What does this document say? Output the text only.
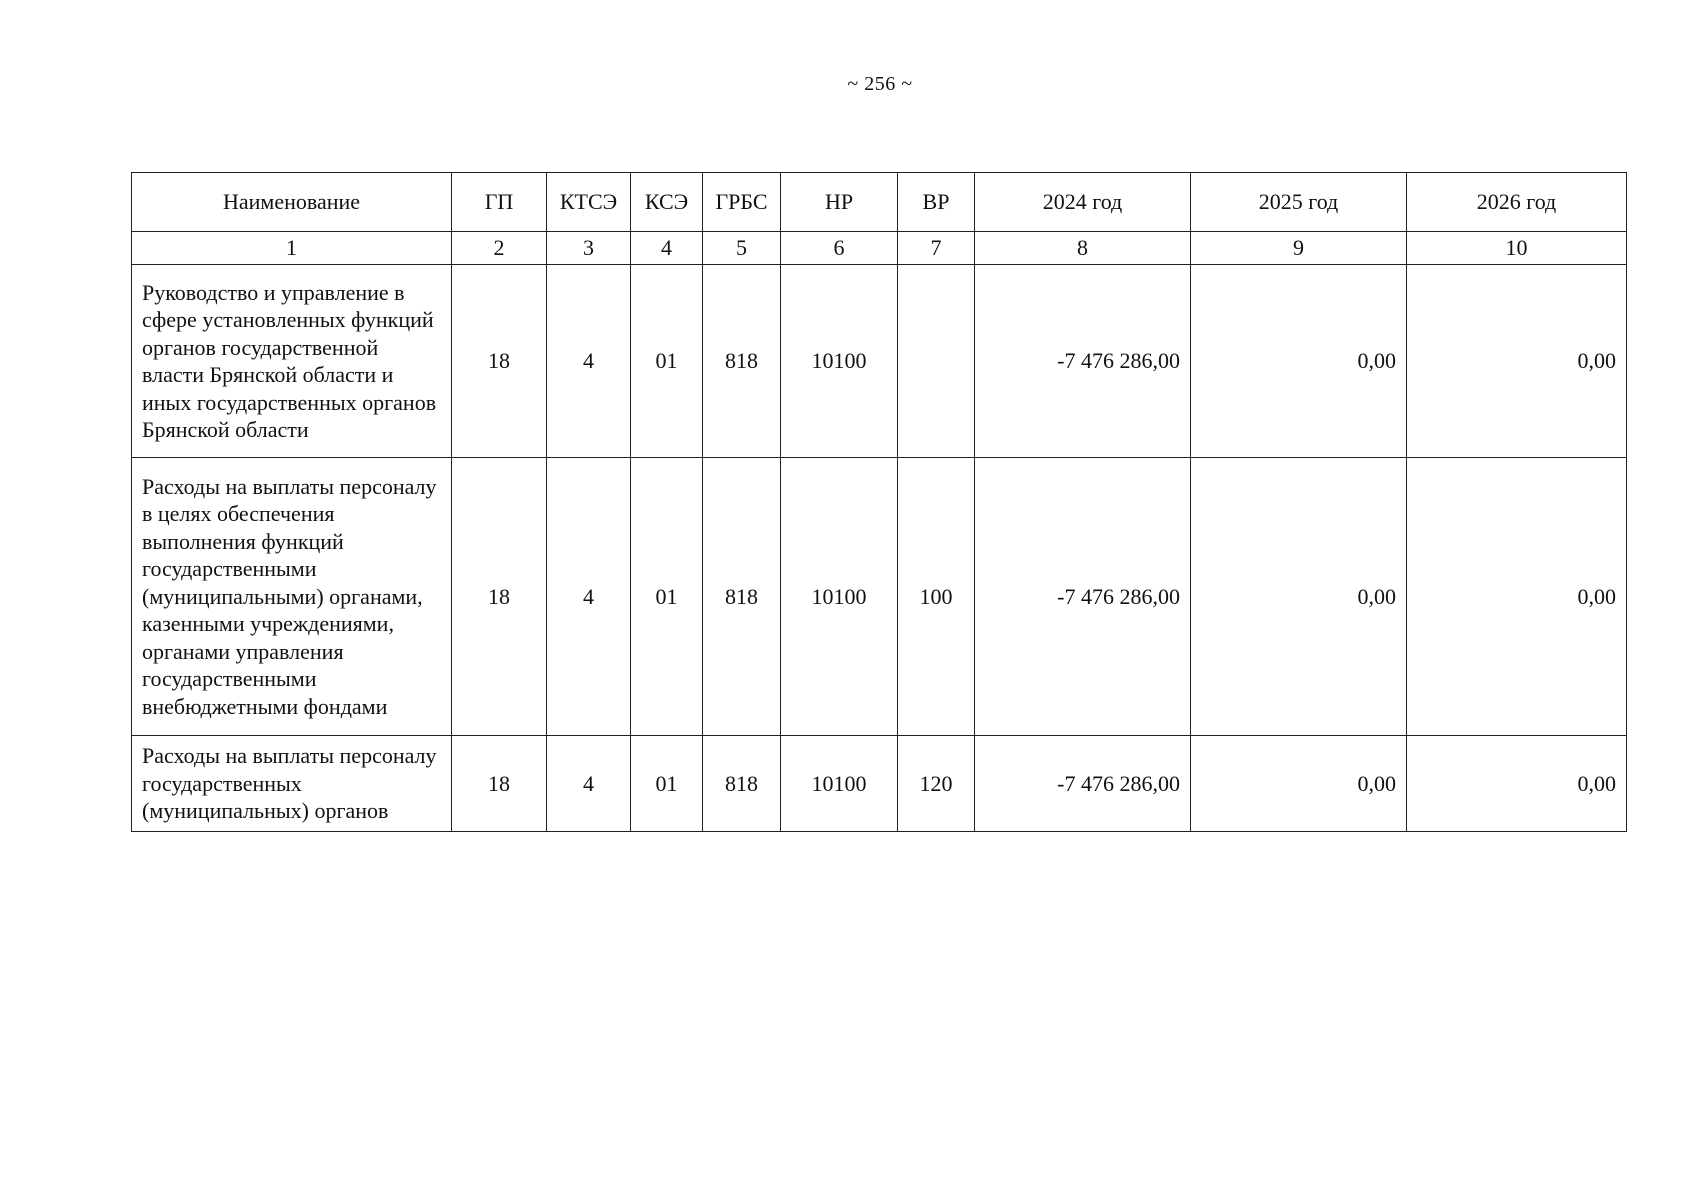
~ 256 ~
Наименование	ГП	КТСЭ	КСЭ	ГРБС	НР	ВР	2024 год	2025 год	2026 год
1	2	3	4	5	6	7	8	9	10
Руководство и управление в сфере установленных функций органов государственной власти Брянской области и иных государственных органов Брянской области	18	4	01	818	10100		-7 476 286,00	0,00	0,00
Расходы на выплаты персоналу в целях обеспечения выполнения функций государственными (муниципальными) органами, казенными учреждениями, органами управления государственными внебюджетными фондами	18	4	01	818	10100	100	-7 476 286,00	0,00	0,00
Расходы на выплаты персоналу государственных (муниципальных) органов	18	4	01	818	10100	120	-7 476 286,00	0,00	0,00
